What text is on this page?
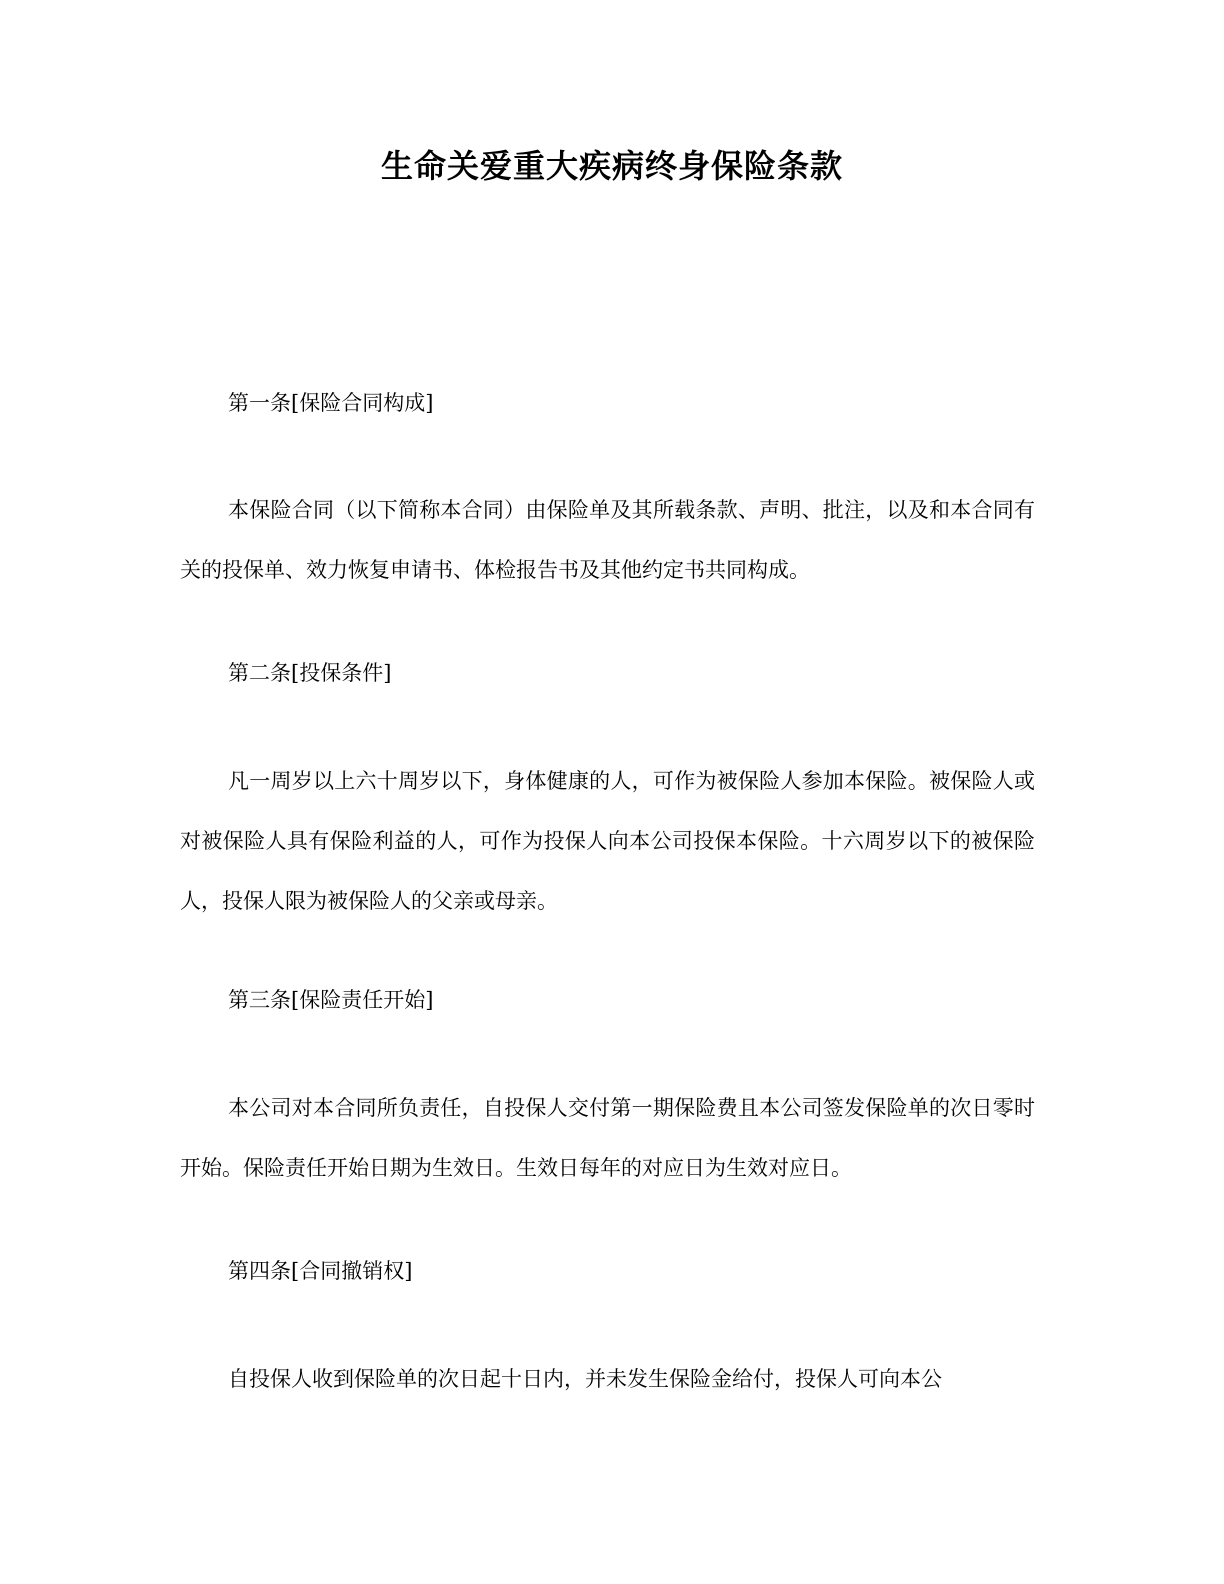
生命关爱重大疾病终身保险条款

第一条[保险合同构成]

本保险合同（以下简称本合同）由保险单及其所载条款、声明、批注，以及和本合同有关的投保单、效力恢复申请书、体检报告书及其他约定书共同构成。

第二条[投保条件]

凡一周岁以上六十周岁以下，身体健康的人，可作为被保险人参加本保险。被保险人或对被保险人具有保险利益的人，可作为投保人向本公司投保本保险。十六周岁以下的被保险人，投保人限为被保险人的父亲或母亲。

第三条[保险责任开始]

本公司对本合同所负责任，自投保人交付第一期保险费且本公司签发保险单的次日零时开始。保险责任开始日期为生效日。生效日每年的对应日为生效对应日。

第四条[合同撤销权]

自投保人收到保险单的次日起十日内，并未发生保险金给付，投保人可向本公
